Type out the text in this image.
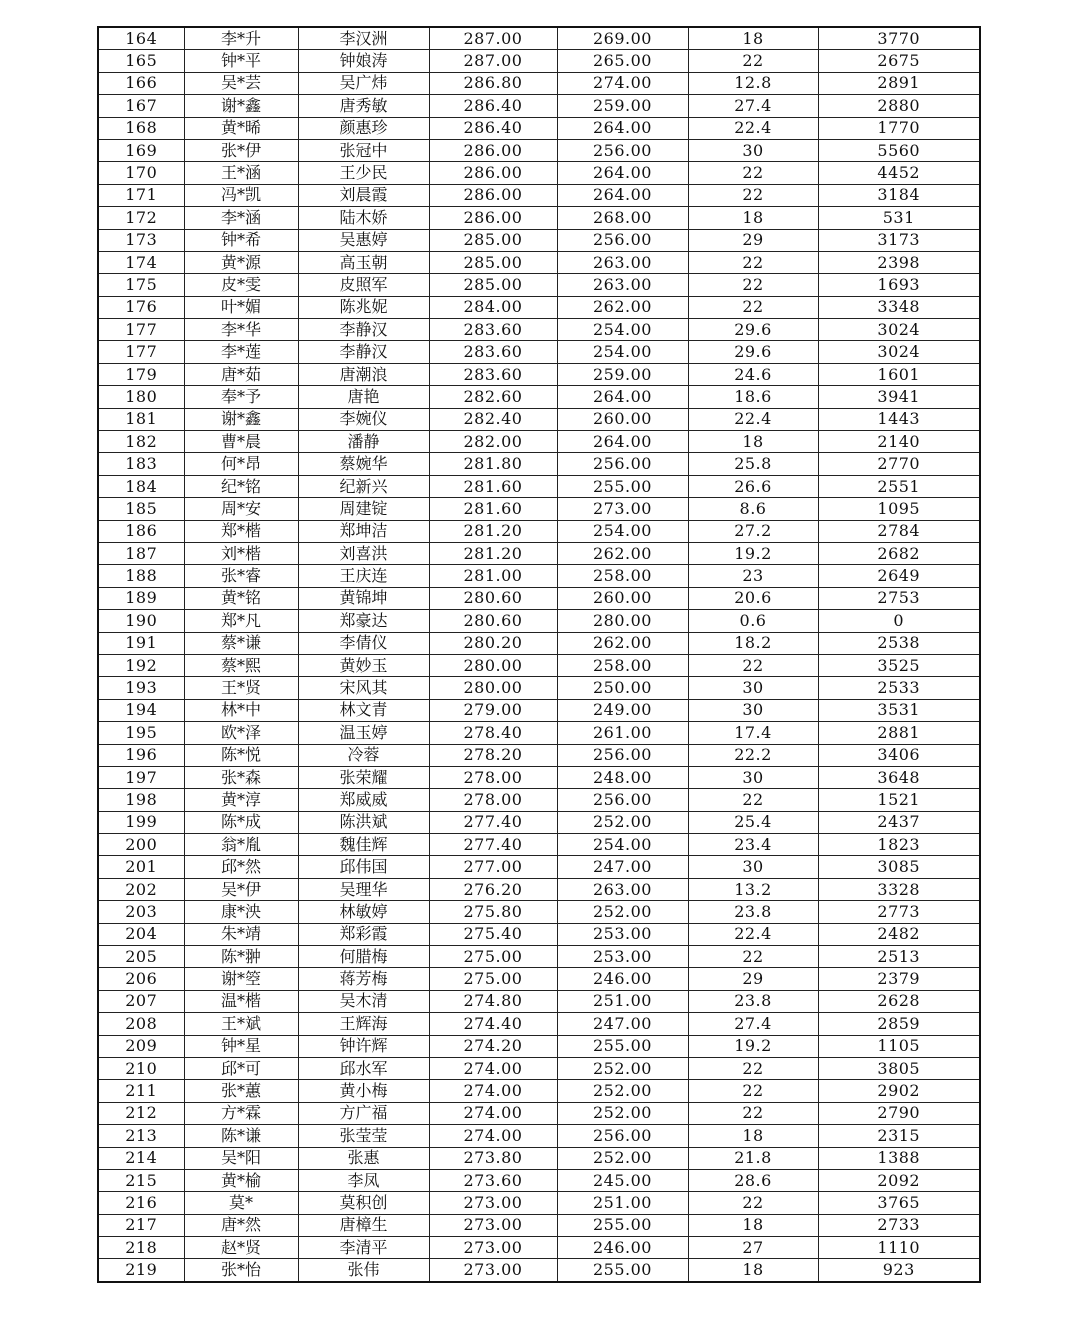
164	李*升	李汉洲	287.00	269.00	18	3770
165	钟*平	钟娘涛	287.00	265.00	22	2675
166	吴*芸	吴广炜	286.80	274.00	12.8	2891
167	谢*鑫	唐秀敏	286.40	259.00	27.4	2880
168	黄*晞	颜惠珍	286.40	264.00	22.4	1770
169	张*伊	张冠中	286.00	256.00	30	5560
170	王*涵	王少民	286.00	264.00	22	4452
171	冯*凯	刘晨霞	286.00	264.00	22	3184
172	李*涵	陆木娇	286.00	268.00	18	531
173	钟*希	吴惠婷	285.00	256.00	29	3173
174	黄*源	高玉朝	285.00	263.00	22	2398
175	皮*雯	皮照军	285.00	263.00	22	1693
176	叶*媚	陈兆妮	284.00	262.00	22	3348
177	李*华	李静汉	283.60	254.00	29.6	3024
177	李*莲	李静汉	283.60	254.00	29.6	3024
179	唐*茹	唐潮浪	283.60	259.00	24.6	1601
180	奉*予	唐艳	282.60	264.00	18.6	3941
181	谢*鑫	李婉仪	282.40	260.00	22.4	1443
182	曹*晨	潘静	282.00	264.00	18	2140
183	何*昂	蔡婉华	281.80	256.00	25.8	2770
184	纪*铭	纪新兴	281.60	255.00	26.6	2551
185	周*安	周建锭	281.60	273.00	8.6	1095
186	郑*楷	郑坤洁	281.20	254.00	27.2	2784
187	刘*楷	刘喜洪	281.20	262.00	19.2	2682
188	张*睿	王庆连	281.00	258.00	23	2649
189	黄*铭	黄锦坤	280.60	260.00	20.6	2753
190	郑*凡	郑豪达	280.60	280.00	0.6	0
191	蔡*谦	李倩仪	280.20	262.00	18.2	2538
192	蔡*熙	黄妙玉	280.00	258.00	22	3525
193	王*贤	宋风其	280.00	250.00	30	2533
194	林*中	林文青	279.00	249.00	30	3531
195	欧*泽	温玉婷	278.40	261.00	17.4	2881
196	陈*悦	冷蓉	278.20	256.00	22.2	3406
197	张*森	张荣耀	278.00	248.00	30	3648
198	黄*淳	郑威威	278.00	256.00	22	1521
199	陈*成	陈洪斌	277.40	252.00	25.4	2437
200	翁*胤	魏佳辉	277.40	254.00	23.4	1823
201	邱*然	邱伟国	277.00	247.00	30	3085
202	吴*伊	吴理华	276.20	263.00	13.2	3328
203	康*泱	林敏婷	275.80	252.00	23.8	2773
204	朱*靖	郑彩霞	275.40	253.00	22.4	2482
205	陈*翀	何腊梅	275.00	253.00	22	2513
206	谢*箜	蒋芳梅	275.00	246.00	29	2379
207	温*楷	吴木清	274.80	251.00	23.8	2628
208	王*斌	王辉海	274.40	247.00	27.4	2859
209	钟*星	钟许辉	274.20	255.00	19.2	1105
210	邱*可	邱水军	274.00	252.00	22	3805
211	张*蕙	黄小梅	274.00	252.00	22	2902
212	方*霖	方广福	274.00	252.00	22	2790
213	陈*谦	张莹莹	274.00	256.00	18	2315
214	吴*阳	张惠	273.80	252.00	21.8	1388
215	黄*榆	李凤	273.60	245.00	28.6	2092
216	莫*	莫积创	273.00	251.00	22	3765
217	唐*然	唐樟生	273.00	255.00	18	2733
218	赵*贤	李清平	273.00	246.00	27	1110
219	张*怡	张伟	273.00	255.00	18	923
